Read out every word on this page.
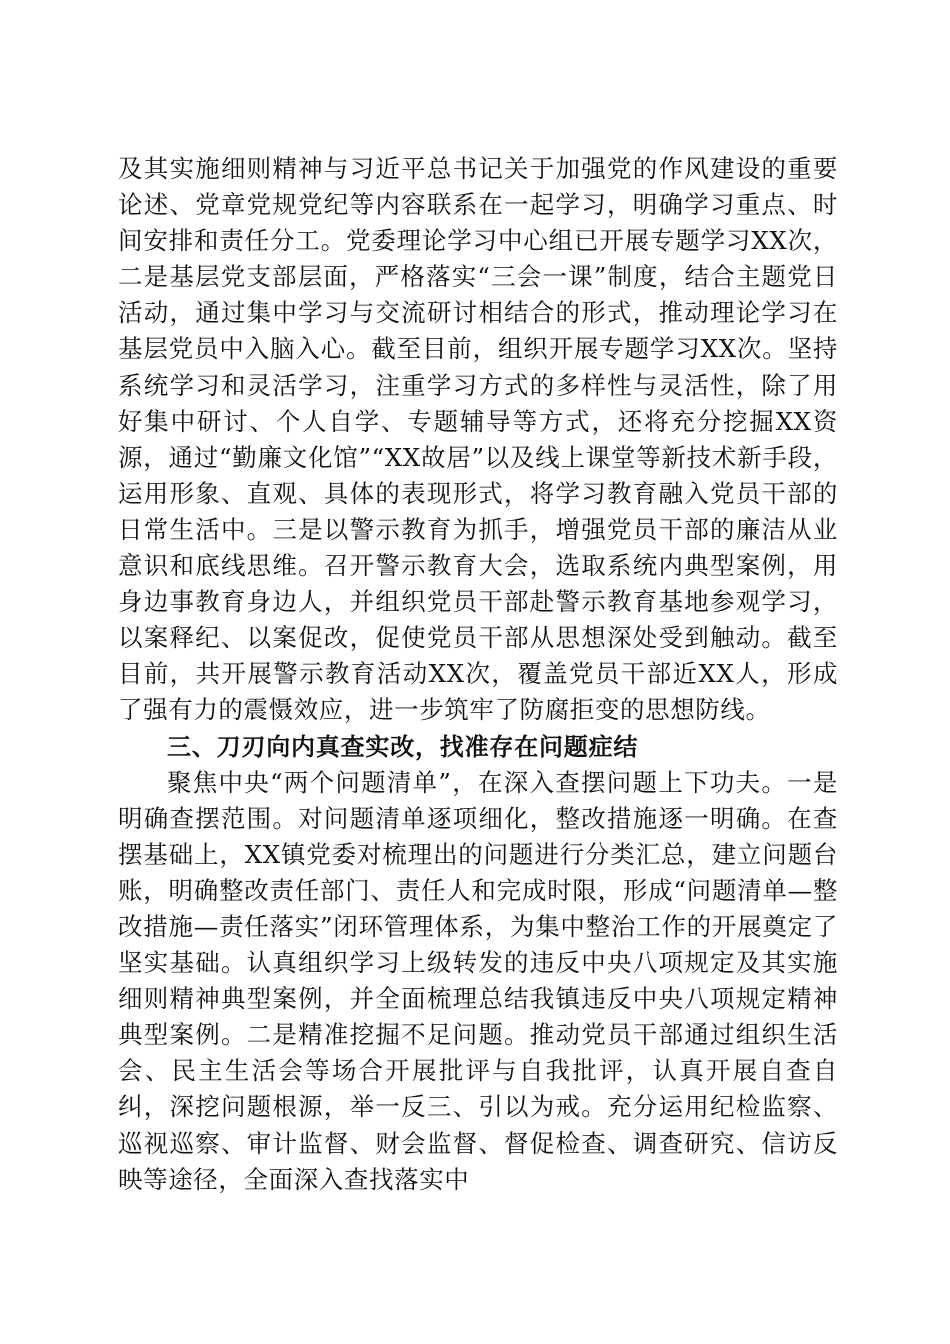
及其实施细则精神与习近平总书记关于加强党的作风建设的重要论述、党章党规党纪等内容联系在一起学习，明确学习重点、时间安排和责任分工。党委理论学习中心组已开展专题学习XX次，二是基层党支部层面，严格落实“三会一课”制度，结合主题党日活动，通过集中学习与交流研讨相结合的形式，推动理论学习在基层党员中入脑入心。截至目前，组织开展专题学习XX次。坚持系统学习和灵活学习，注重学习方式的多样性与灵活性，除了用好集中研讨、个人自学、专题辅导等方式，还将充分挖掘XX资源，通过“勤廉文化馆”“XX故居”以及线上课堂等新技术新手段，运用形象、直观、具体的表现形式，将学习教育融入党员干部的日常生活中。三是以警示教育为抓手，增强党员干部的廉洁从业意识和底线思维。召开警示教育大会，选取系统内典型案例，用身边事教育身边人，并组织党员干部赴警示教育基地参观学习，以案释纪、以案促改，促使党员干部从思想深处受到触动。截至目前，共开展警示教育活动XX次，覆盖党员干部近XX人，形成了强有力的震慑效应，进一步筑牢了防腐拒变的思想防线。

三、刀刃向内真查实改，找准存在问题症结

聚焦中央“两个问题清单”，在深入查摆问题上下功夫。一是明确查摆范围。对问题清单逐项细化，整改措施逐一明确。在查摆基础上，XX镇党委对梳理出的问题进行分类汇总，建立问题台账，明确整改责任部门、责任人和完成时限，形成“问题清单—整改措施—责任落实”闭环管理体系，为集中整治工作的开展奠定了坚实基础。认真组织学习上级转发的违反中央八项规定及其实施细则精神典型案例，并全面梳理总结我镇违反中央八项规定精神典型案例。二是精准挖掘不足问题。推动党员干部通过组织生活会、民主生活会等场合开展批评与自我批评，认真开展自查自纠，深挖问题根源，举一反三、引以为戒。充分运用纪检监察、巡视巡察、审计监督、财会监督、督促检查、调查研究、信访反映等途径，全面深入查找落实中
